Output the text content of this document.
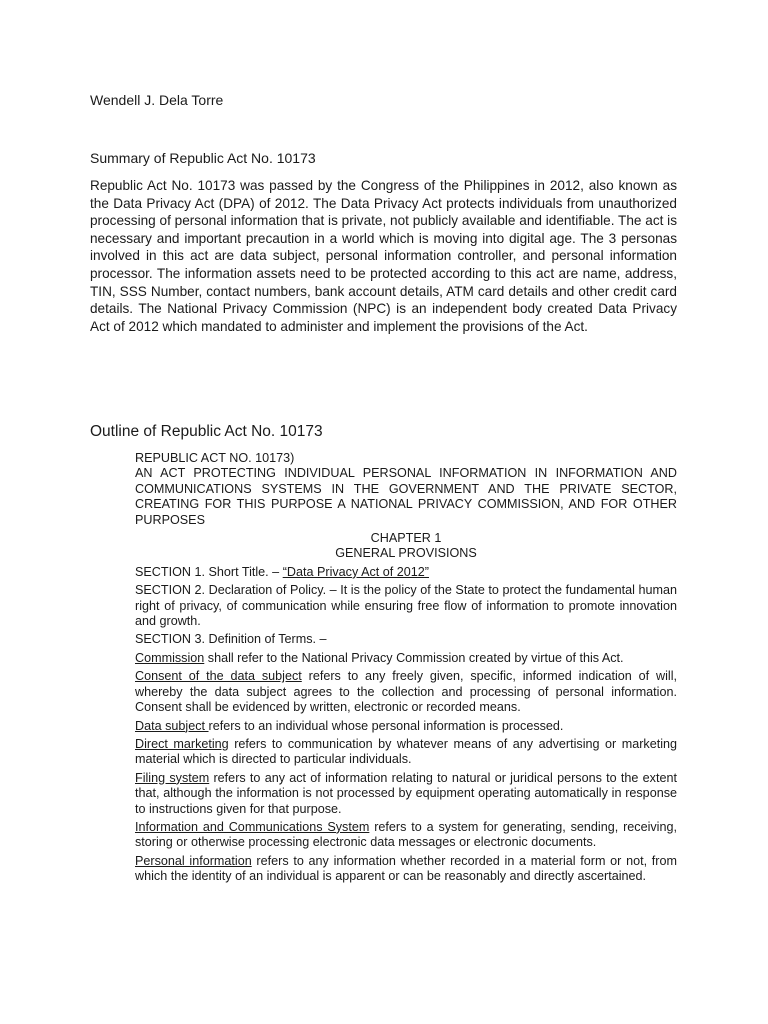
Wendell J. Dela Torre
Summary of Republic Act No. 10173

Republic Act No. 10173 was passed by the Congress of the Philippines in 2012, also known as the Data Privacy Act (DPA) of 2012. The Data Privacy Act protects individuals from unauthorized processing of personal information that is private, not publicly available and identifiable. The act is necessary and important precaution in a world which is moving into digital age. The 3 personas involved in this act are data subject, personal information controller, and personal information processor. The information assets need to be protected according to this act are name, address, TIN, SSS Number, contact numbers, bank account details, ATM card details and other credit card details. The National Privacy Commission (NPC) is an independent body created Data Privacy Act of 2012 which mandated to administer and implement the provisions of the Act.

Outline of Republic Act No. 10173

REPUBLIC ACT NO. 10173)

AN ACT PROTECTING INDIVIDUAL PERSONAL INFORMATION IN INFORMATION AND COMMUNICATIONS SYSTEMS IN THE GOVERNMENT AND THE PRIVATE SECTOR, CREATING FOR THIS PURPOSE A NATIONAL PRIVACY COMMISSION, AND FOR OTHER PURPOSES

CHAPTER 1

GENERAL PROVISIONS

SECTION 1. Short Title. – “Data Privacy Act of 2012”

SECTION 2. Declaration of Policy. – It is the policy of the State to protect the fundamental human right of privacy, of communication while ensuring free flow of information to promote innovation and growth.

SECTION 3. Definition of Terms. –

Commission shall refer to the National Privacy Commission created by virtue of this Act.

Consent of the data subject refers to any freely given, specific, informed indication of will, whereby the data subject agrees to the collection and processing of personal information. Consent shall be evidenced by written, electronic or recorded means.

Data subject refers to an individual whose personal information is processed.

Direct marketing refers to communication by whatever means of any advertising or marketing material which is directed to particular individuals.

Filing system refers to any act of information relating to natural or juridical persons to the extent that, although the information is not processed by equipment operating automatically in response to instructions given for that purpose.

Information and Communications System refers to a system for generating, sending, receiving, storing or otherwise processing electronic data messages or electronic documents.

Personal information refers to any information whether recorded in a material form or not, from which the identity of an individual is apparent or can be reasonably and directly ascertained.
